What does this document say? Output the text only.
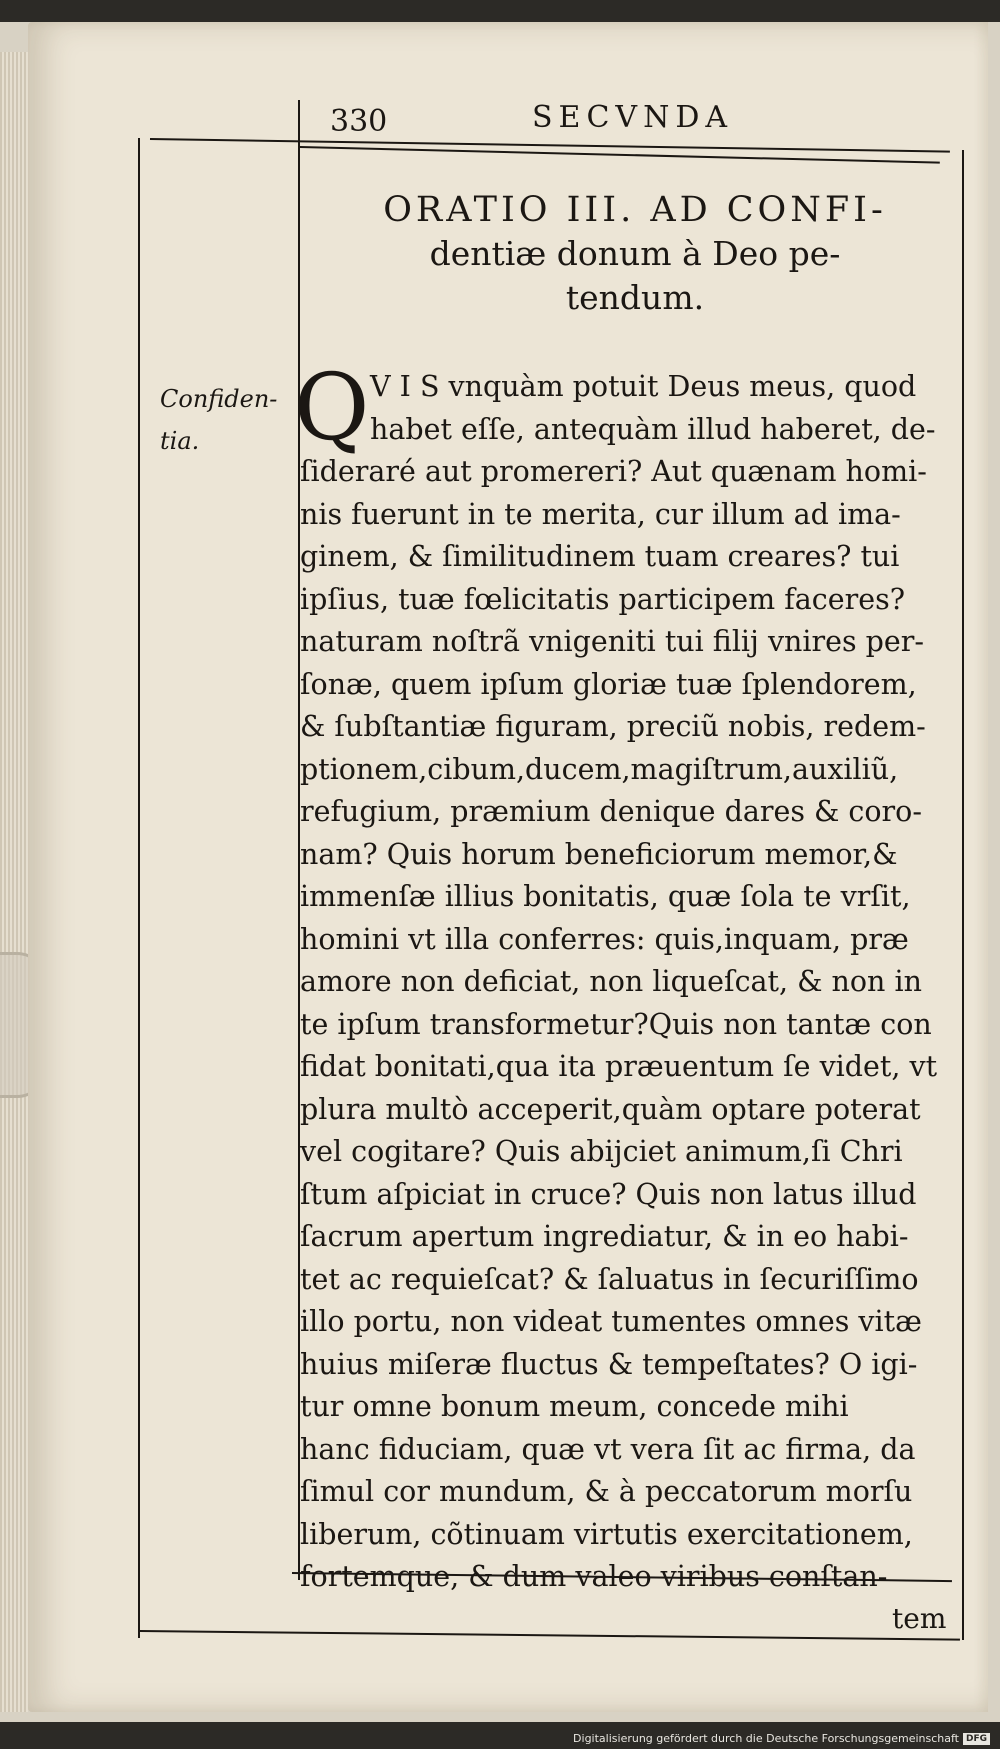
330	SECVNDA
ORATIO III. AD CONFI-
dentiæ donum à Deo pe-
tendum.
Confiden-
tia.	Q V I S vnquàm potuit Deus meus, quod
habet eſſe, antequàm illud haberet, de-
ſideraré aut promereri? Aut quænam homi-
nis fuerunt in te merita, cur illum ad ima-
ginem, & ſimilitudinem tuam creares? tui
ipſius, tuæ fœlicitatis participem faceres?
naturam noſtrã vnigeniti tui filij vnires per-
ſonæ, quem ipſum gloriæ tuæ ſplendorem,
& ſubſtantiæ figuram, preciũ nobis, redem-
ptionem,cibum,ducem,magiſtrum,auxiliũ,
refugium, præmium denique dares & coro-
nam? Quis horum beneficiorum memor,&
immenſæ illius bonitatis, quæ ſola te vrſit,
homini vt illa conferres: quis,inquam, præ
amore non deficiat, non liqueſcat, & non in
te ipſum transformetur?Quis non tantæ con
fidat bonitati,qua ita præuentum ſe videt, vt
plura multò acceperit,quàm optare poterat
vel cogitare? Quis abijciet animum,ſi Chri
ſtum aſpiciat in cruce? Quis non latus illud
ſacrum apertum ingrediatur, & in eo habi-
tet ac requieſcat? & ſaluatus in ſecuriſſimo
illo portu, non videat tumentes omnes vitæ
huius miſeræ fluctus & tempeſtates? O igi-
tur omne bonum meum, concede mihi
hanc fiduciam, quæ vt vera ſit ac firma, da
ſimul cor mundum, & à peccatorum morſu
liberum, cõtinuam virtutis exercitationem,
fortemque, & dum valeo viribus conſtan-
tem
Digitalisierung gefördert durch die Deutsche Forschungsgemeinschaft DFG
